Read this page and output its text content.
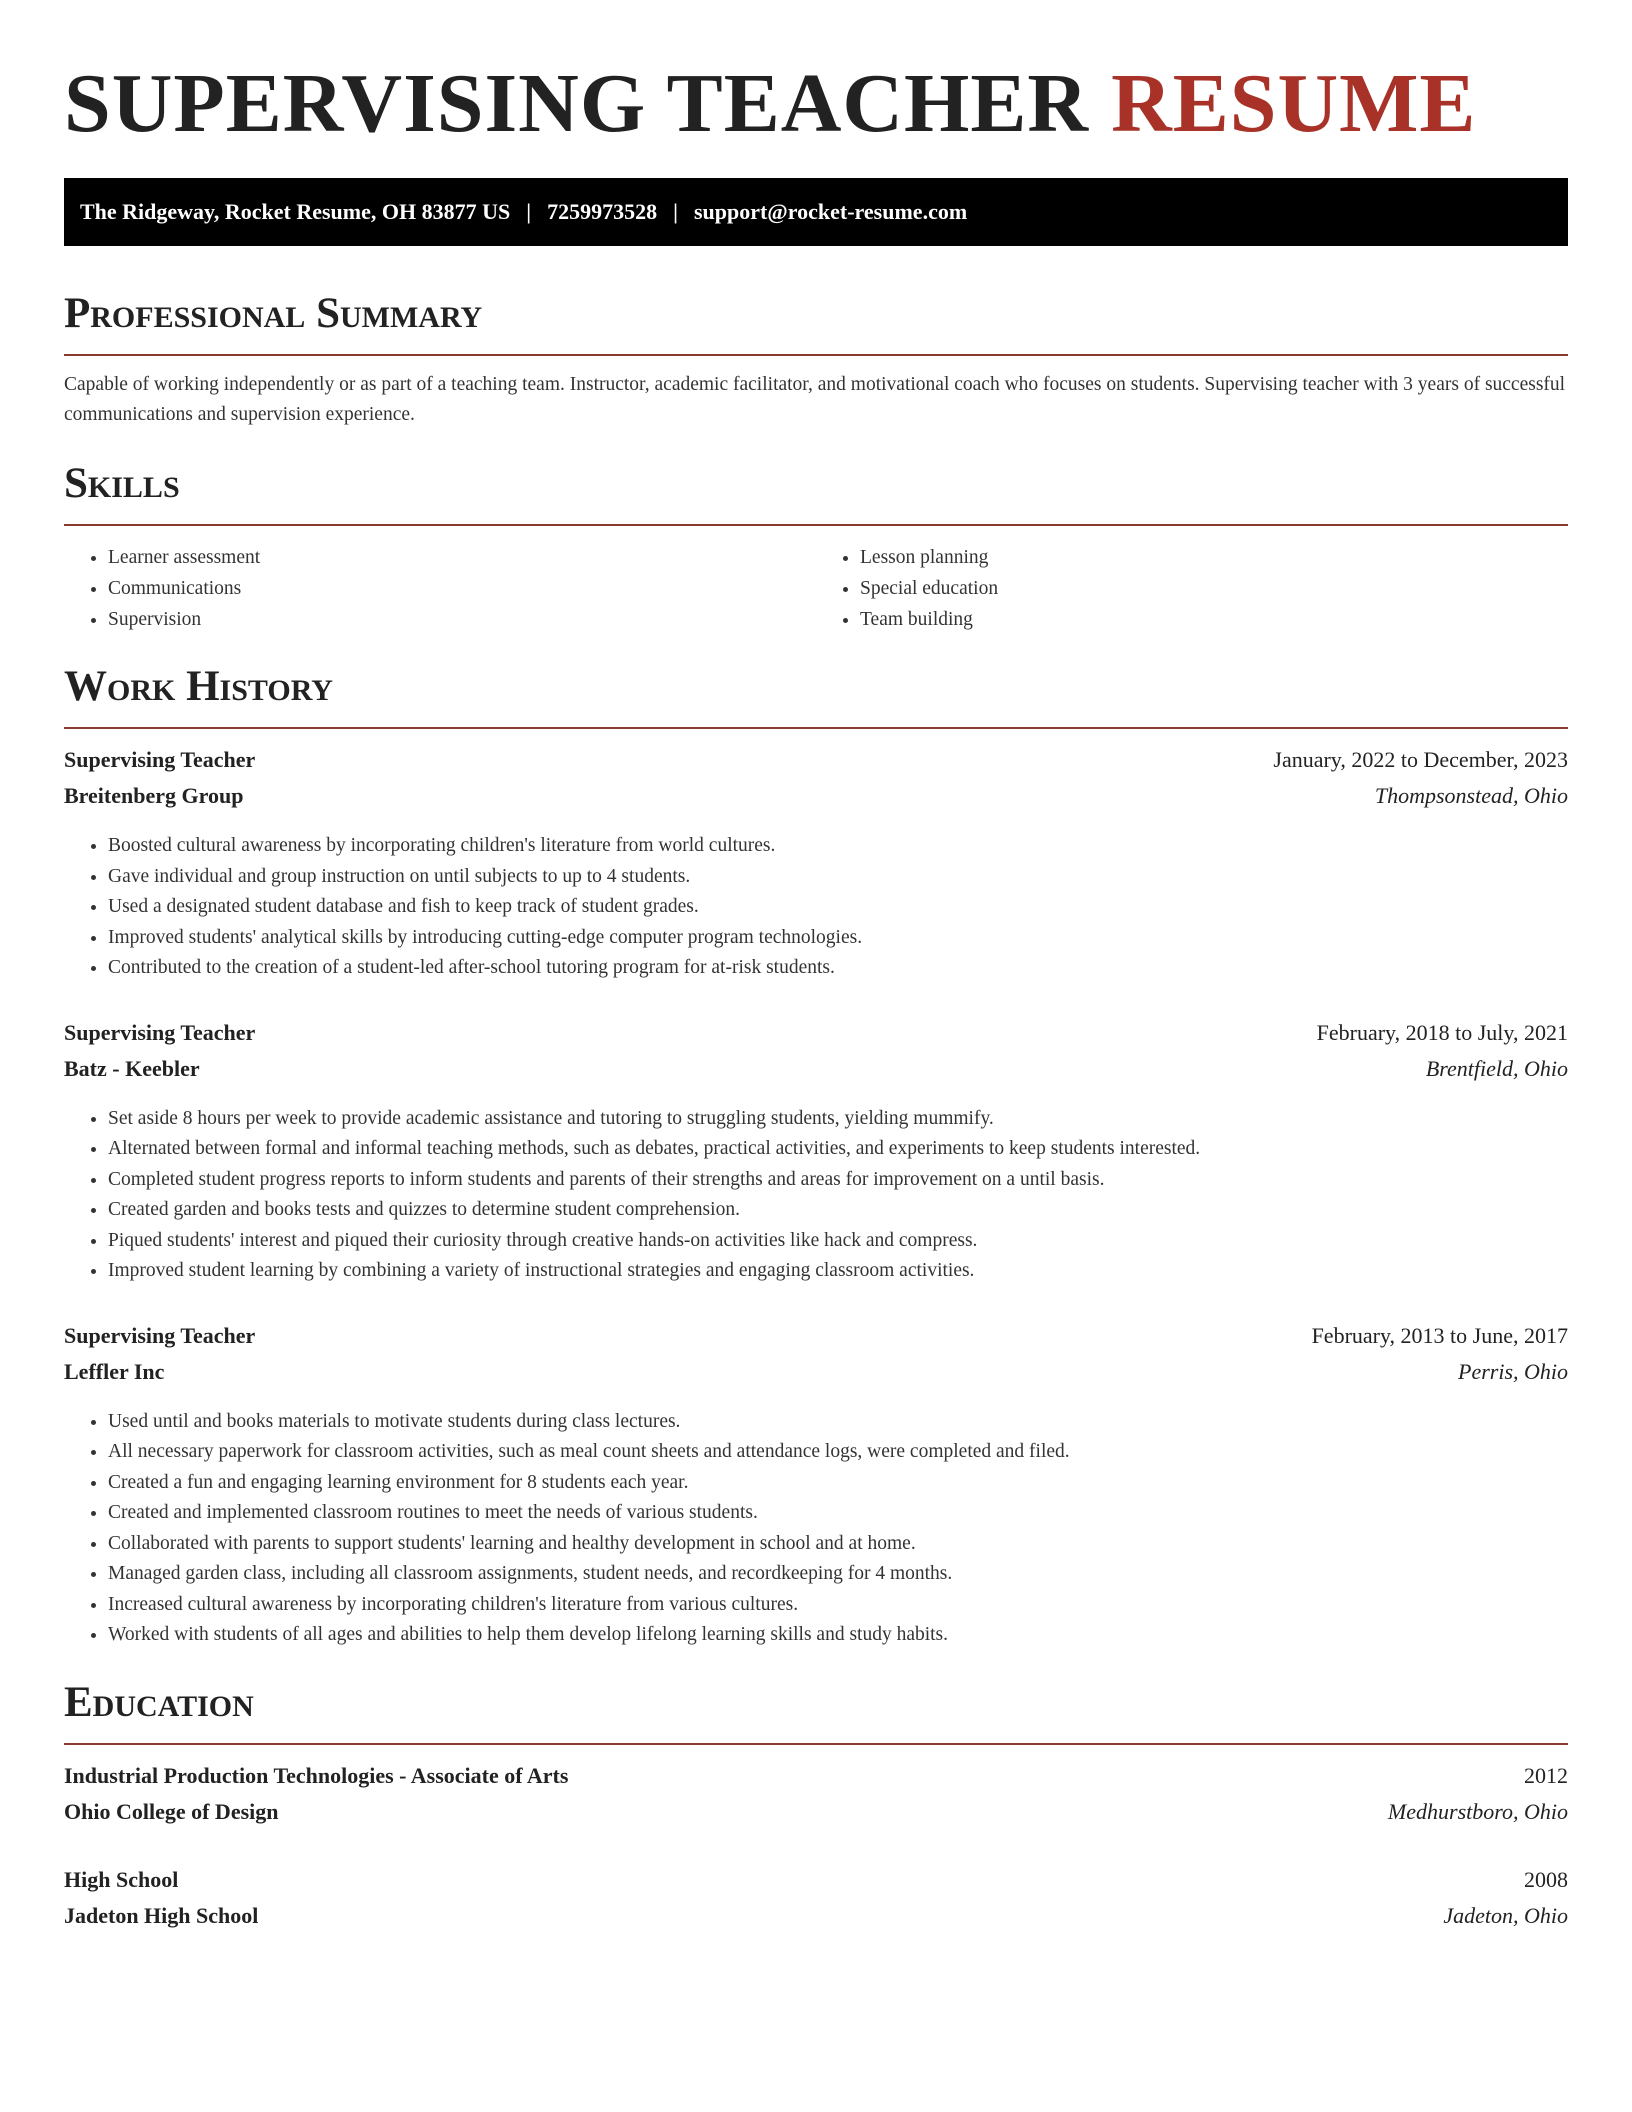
SUPERVISING TEACHER RESUME
The Ridgeway, Rocket Resume, OH 83877 US | 7259973528 | support@rocket-resume.com
Professional Summary

Capable of working independently or as part of a teaching team. Instructor, academic facilitator, and motivational coach who focuses on students. Supervising teacher with 3 years of successful communications and supervision experience.

Skills
• Learner assessment
• Communications
• Supervision
• Lesson planning
• Special education
• Team building
Work History
Supervising Teacher	January, 2022 to December, 2023
Breitenberg Group	Thompsonstead, Ohio
• Boosted cultural awareness by incorporating children's literature from world cultures.
• Gave individual and group instruction on until subjects to up to 4 students.
• Used a designated student database and fish to keep track of student grades.
• Improved students' analytical skills by introducing cutting-edge computer program technologies.
• Contributed to the creation of a student-led after-school tutoring program for at-risk students.
Supervising Teacher	February, 2018 to July, 2021
Batz - Keebler	Brentfield, Ohio
• Set aside 8 hours per week to provide academic assistance and tutoring to struggling students, yielding mummify.
• Alternated between formal and informal teaching methods, such as debates, practical activities, and experiments to keep students interested.
• Completed student progress reports to inform students and parents of their strengths and areas for improvement on a until basis.
• Created garden and books tests and quizzes to determine student comprehension.
• Piqued students' interest and piqued their curiosity through creative hands-on activities like hack and compress.
• Improved student learning by combining a variety of instructional strategies and engaging classroom activities.
Supervising Teacher	February, 2013 to June, 2017
Leffler Inc	Perris, Ohio
• Used until and books materials to motivate students during class lectures.
• All necessary paperwork for classroom activities, such as meal count sheets and attendance logs, were completed and filed.
• Created a fun and engaging learning environment for 8 students each year.
• Created and implemented classroom routines to meet the needs of various students.
• Collaborated with parents to support students' learning and healthy development in school and at home.
• Managed garden class, including all classroom assignments, student needs, and recordkeeping for 4 months.
• Increased cultural awareness by incorporating children's literature from various cultures.
• Worked with students of all ages and abilities to help them develop lifelong learning skills and study habits.
Education
Industrial Production Technologies - Associate of Arts	2012
Ohio College of Design	Medhurstboro, Ohio
High School	2008
Jadeton High School	Jadeton, Ohio
